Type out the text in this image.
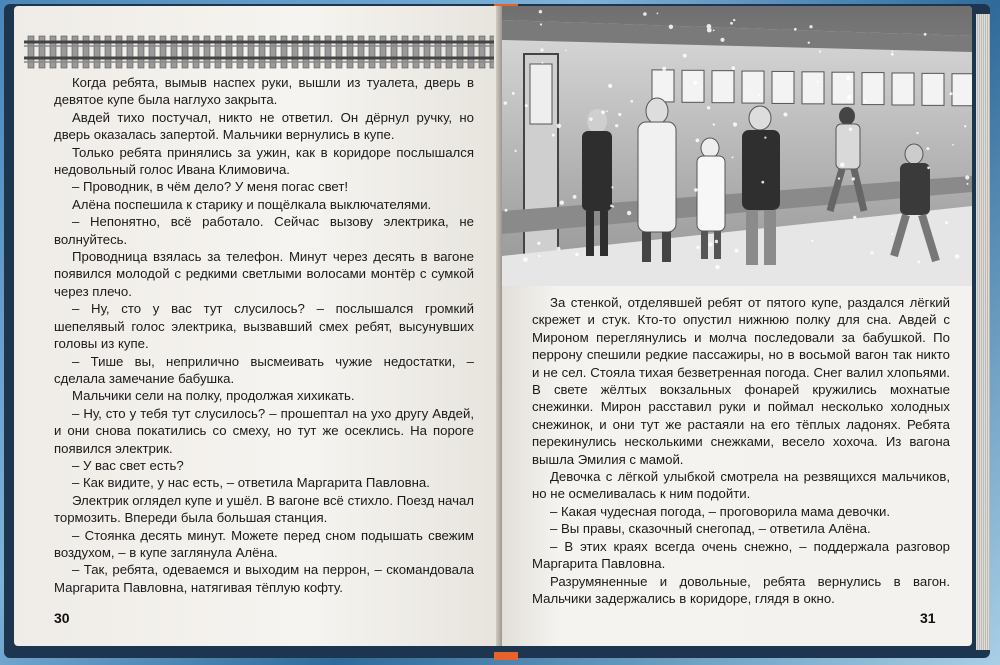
Когда ребята, вымыв наспех руки, вышли из туалета, дверь в девятое купе была наглухо закрыта.

Авдей тихо постучал, никто не ответил. Он дёрнул ручку, но дверь оказалась запертой. Мальчики вернулись в купе.

Только ребята принялись за ужин, как в коридоре послышался недовольный голос Ивана Климовича.

– Проводник, в чём дело? У меня погас свет!

Алёна поспешила к старику и пощёлкала выключателями.

– Непонятно, всё работало. Сейчас вызову электрика, не волнуйтесь.

Проводница взялась за телефон. Минут через десять в вагоне появился молодой с редкими светлыми волосами монтёр с сумкой через плечо.

– Ну, сто у вас тут слусилось? – послышался громкий шепелявый голос электрика, вызвавший смех ребят, высунувших головы из купе.

– Тише вы, неприлично высмеивать чужие недостатки, – сделала замечание бабушка.

Мальчики сели на полку, продолжая хихикать.

– Ну, сто у тебя тут слусилось? – прошептал на ухо другу Авдей, и они снова покатились со смеху, но тут же осеклись. На пороге появился электрик.

– У вас свет есть?

– Как видите, у нас есть, – ответила Маргарита Павловна.

Электрик оглядел купе и ушёл. В вагоне всё стихло. Поезд начал тормозить. Впереди была большая станция.

– Стоянка десять минут. Можете перед сном подышать свежим воздухом, – в купе заглянула Алёна.

– Так, ребята, одеваемся и выходим на перрон, – скомандовала Маргарита Павловна, натягивая тёплую кофту.

30

За стенкой, отделявшей ребят от пятого купе, раздался лёгкий скрежет и стук. Кто-то опустил нижнюю полку для сна. Авдей с Мироном переглянулись и молча последовали за бабушкой. По перрону спешили редкие пассажиры, но в восьмой вагон так никто и не сел. Стояла тихая безветренная погода. Снег валил хлопьями. В свете жёлтых вокзальных фонарей кружились мохнатые снежинки. Мирон расставил руки и поймал несколько холодных снежинок, и они тут же растаяли на его тёплых ладонях. Ребята перекинулись несколькими снежками, весело хохоча. Из вагона вышла Эмилия с мамой.

Девочка с лёгкой улыбкой смотрела на резвящихся мальчиков, но не осмеливалась к ним подойти.

– Какая чудесная погода, – проговорила мама девочки.

– Вы правы, сказочный снегопад, – ответила Алёна.

– В этих краях всегда очень снежно, – поддержала разговор Маргарита Павловна.

Разрумяненные и довольные, ребята вернулись в вагон. Мальчики задержались в коридоре, глядя в окно.

31
